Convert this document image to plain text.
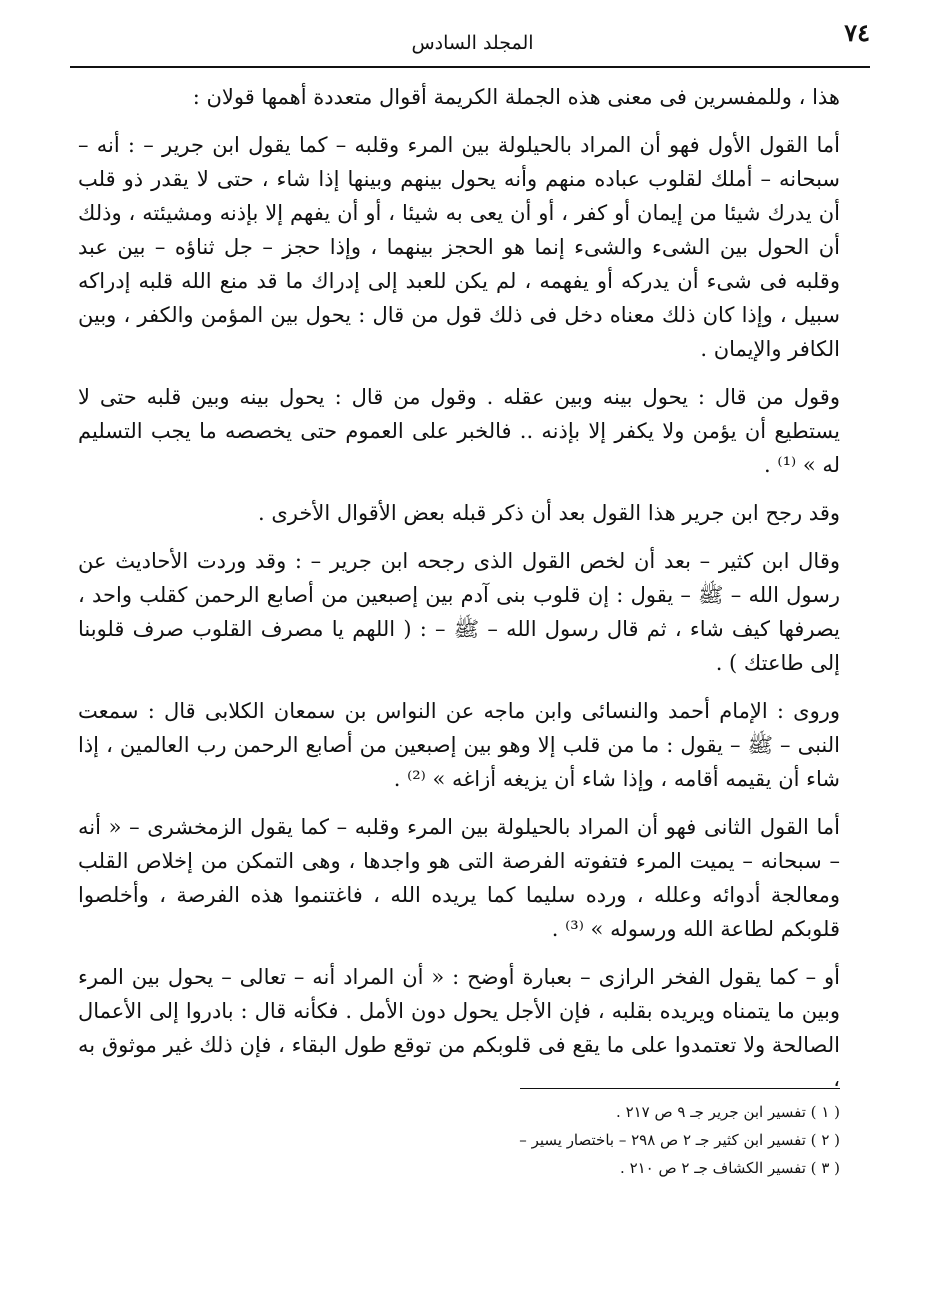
٧٤
المجلد السادس

هذا ، وللمفسرين فى معنى هذه الجملة الكريمة أقوال متعددة أهمها قولان :

أما القول الأول فهو أن المراد بالحيلولة بين المرء وقلبه – كما يقول ابن جرير – : أنه – سبحانه – أملك لقلوب عباده منهم وأنه يحول بينهم وبينها إذا شاء ، حتى لا يقدر ذو قلب أن يدرك شيئا من إيمان أو كفر ، أو أن يعى به شيئا ، أو أن يفهم إلا بإذنه ومشيئته ، وذلك أن الحول بين الشىء والشىء إنما هو الحجز بينهما ، وإذا حجز – جل ثناؤه – بين عبد وقلبه فى شىء أن يدركه أو يفهمه ، لم يكن للعبد إلى إدراك ما قد منع الله قلبه إدراكه سبيل ، وإذا كان ذلك معناه دخل فى ذلك قول من قال : يحول بين المؤمن والكفر ، وبين الكافر والإيمان .

وقول من قال : يحول بينه وبين عقله . وقول من قال : يحول بينه وبين قلبه حتى لا يستطيع أن يؤمن ولا يكفر إلا بإذنه .. فالخبر على العموم حتى يخصصه ما يجب التسليم له » ⁽¹⁾ .

وقد رجح ابن جرير هذا القول بعد أن ذكر قبله بعض الأقوال الأخرى .

وقال ابن كثير – بعد أن لخص القول الذى رجحه ابن جرير – : وقد وردت الأحاديث عن رسول الله – ﷺ – يقول : إن قلوب بنى آدم بين إصبعين من أصابع الرحمن كقلب واحد ، يصرفها كيف شاء ، ثم قال رسول الله – ﷺ – : ( اللهم يا مصرف القلوب صرف قلوبنا إلى طاعتك ) .

وروى : الإمام أحمد والنسائى وابن ماجه عن النواس بن سمعان الكلابى قال : سمعت النبى – ﷺ – يقول : ما من قلب إلا وهو بين إصبعين من أصابع الرحمن رب العالمين ، إذا شاء أن يقيمه أقامه ، وإذا شاء أن يزيغه أزاغه » ⁽²⁾ .

أما القول الثانى فهو أن المراد بالحيلولة بين المرء وقلبه – كما يقول الزمخشرى – « أنه – سبحانه – يميت المرء فتفوته الفرصة التى هو واجدها ، وهى التمكن من إخلاص القلب ومعالجة أدوائه وعلله ، ورده سليما كما يريده الله ، فاغتنموا هذه الفرصة ، وأخلصوا قلوبكم لطاعة الله ورسوله » ⁽³⁾ .

أو – كما يقول الفخر الرازى – بعبارة أوضح : « أن المراد أنه – تعالى – يحول بين المرء وبين ما يتمناه ويريده بقلبه ، فإن الأجل يحول دون الأمل . فكأنه قال : بادروا إلى الأعمال الصالحة ولا تعتمدوا على ما يقع فى قلوبكم من توقع طول البقاء ، فإن ذلك غير موثوق به ،

( ١ ) تفسير ابن جرير جـ ٩ ص ٢١٧ .

( ٢ ) تفسير ابن كثير جـ ٢ ص ٢٩٨ – باختصار يسير –

( ٣ ) تفسير الكشاف جـ ٢ ص ٢١٠ .
